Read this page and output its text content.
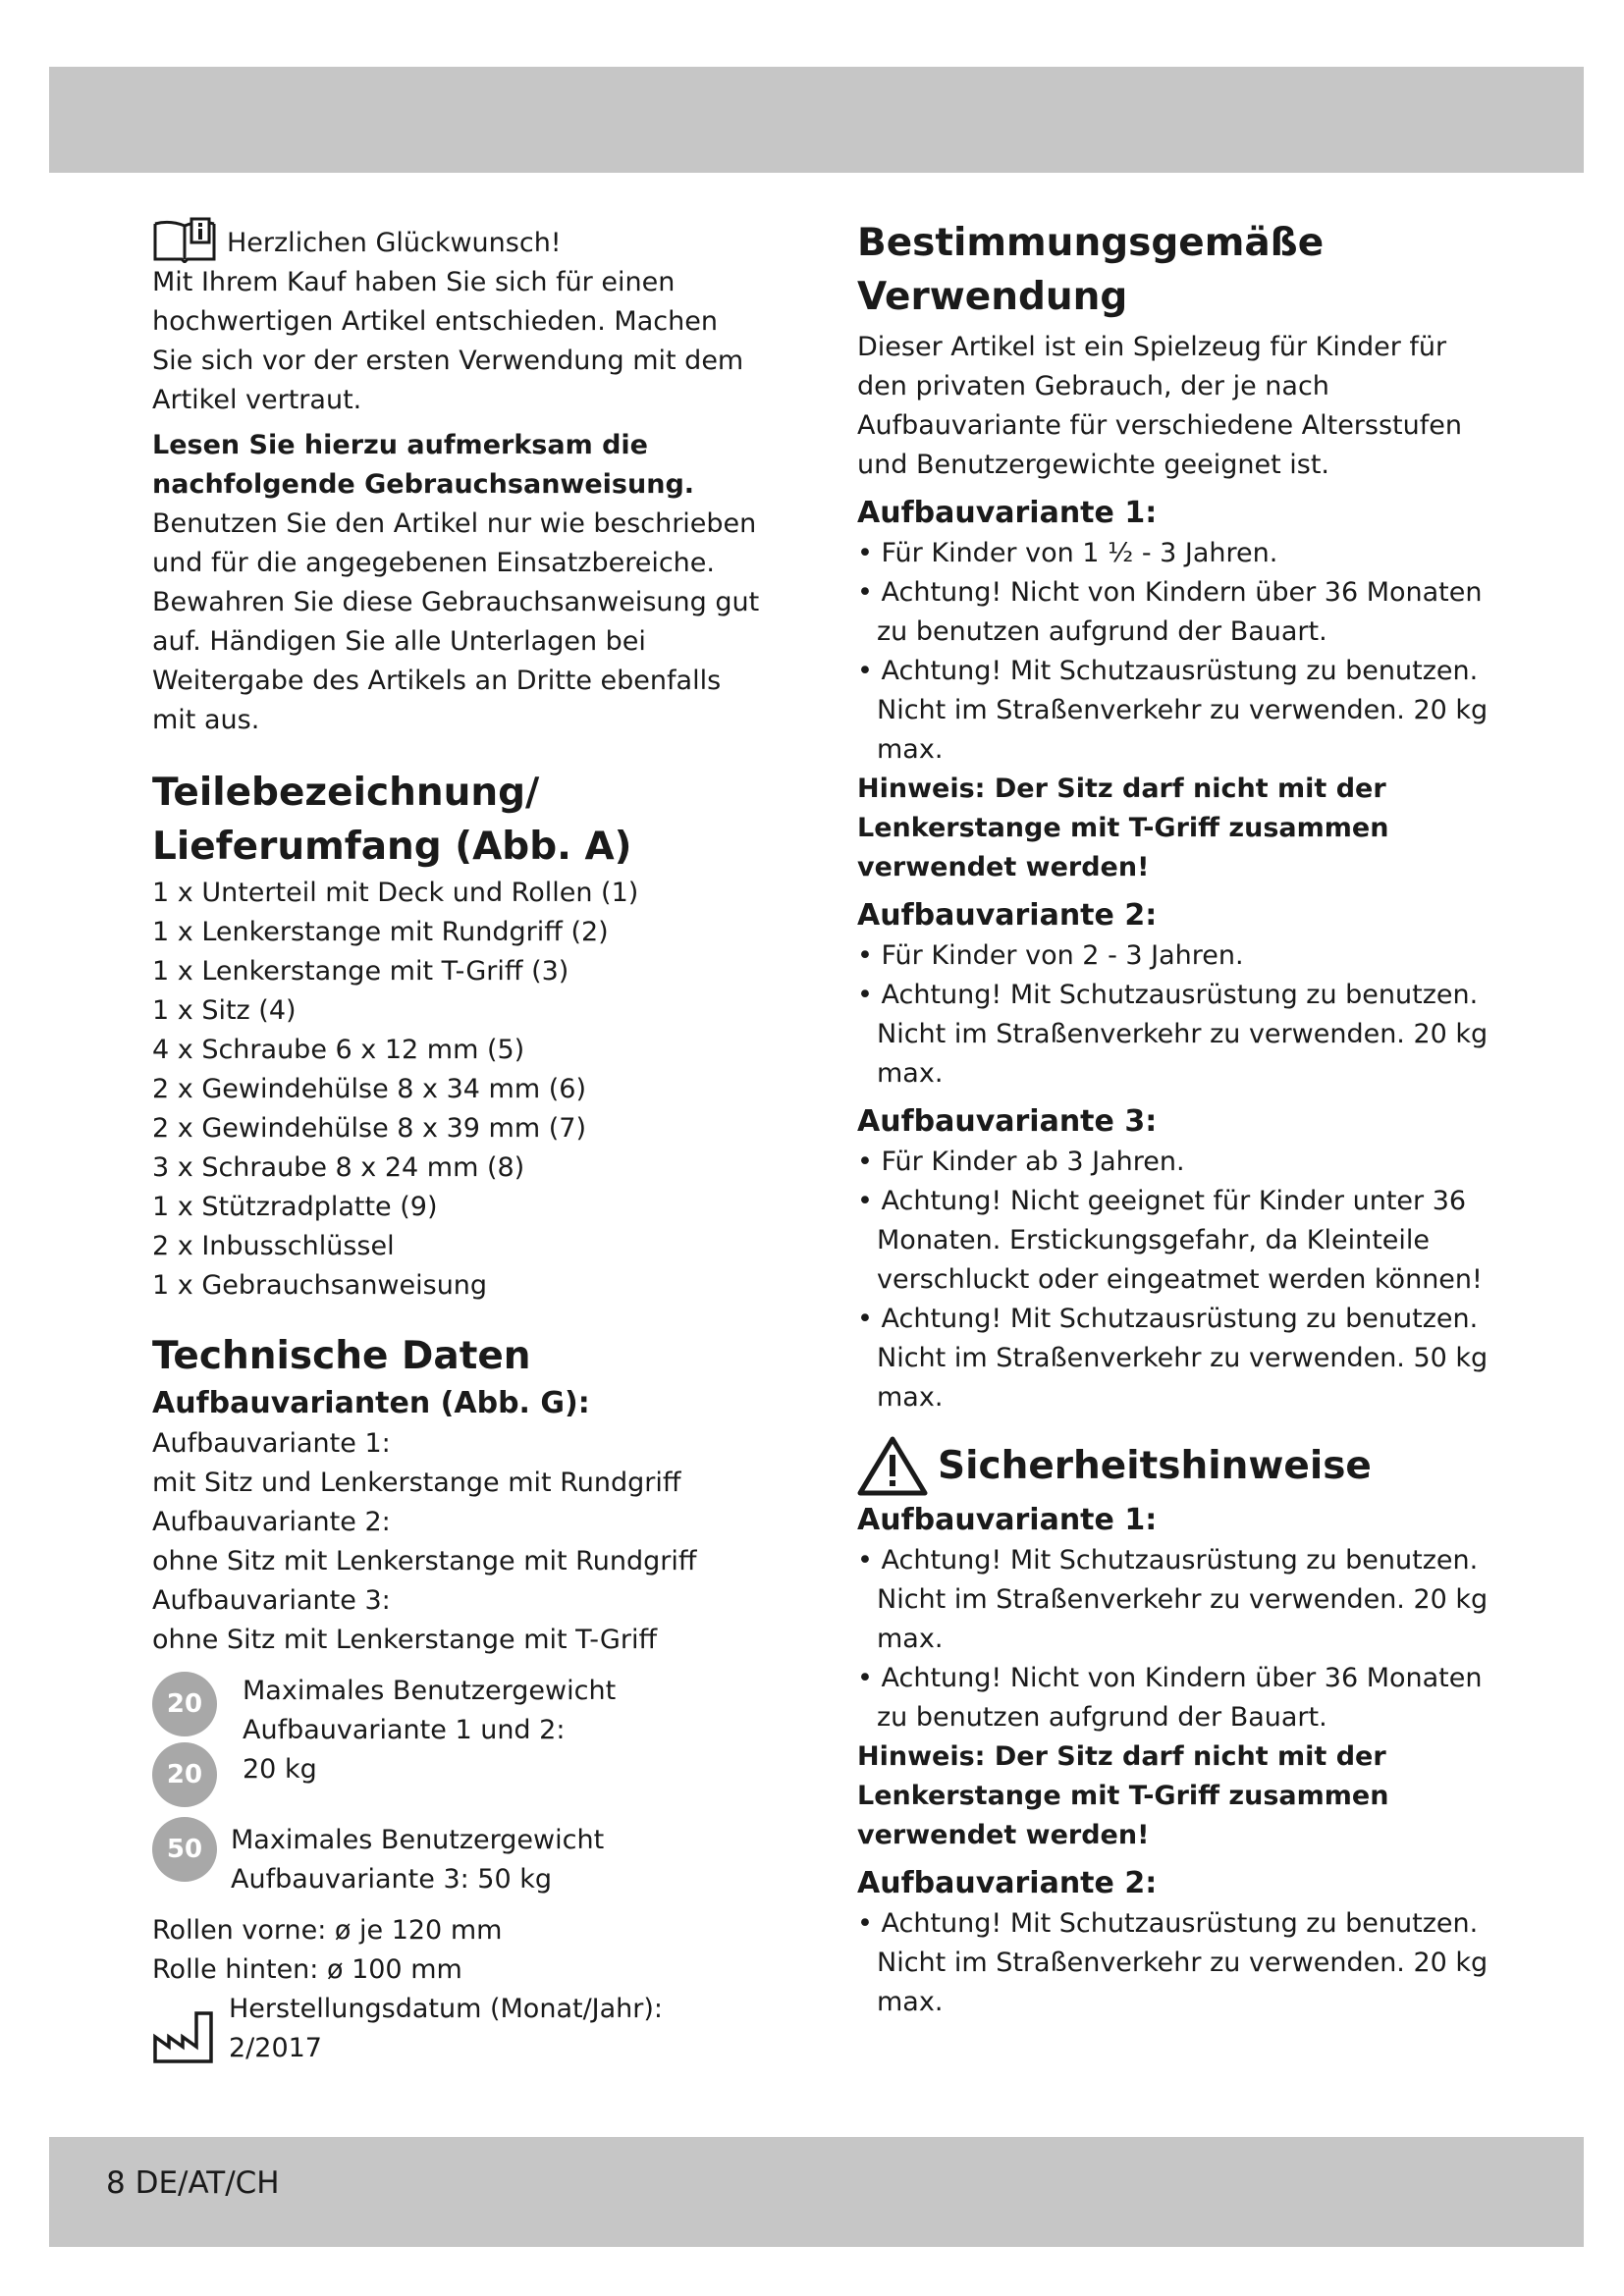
Herzlichen Glückwunsch!

Mit Ihrem Kauf haben Sie sich für einen hochwertigen Artikel entschieden. Machen Sie sich vor der ersten Verwendung mit dem Artikel vertraut.

Lesen Sie hierzu aufmerksam die nachfolgende Gebrauchsanweisung.

Benutzen Sie den Artikel nur wie beschrieben und für die angegebenen Einsatzbereiche. Bewahren Sie diese Gebrauchsanweisung gut auf. Händigen Sie alle Unterlagen bei Weitergabe des Artikels an Dritte ebenfalls mit aus.

Teilebezeichnung/

Lieferumfang (Abb. A)

1 x Unterteil mit Deck und Rollen (1)

1 x Lenkerstange mit Rundgriff (2)

1 x Lenkerstange mit T-Griff (3)

1 x Sitz (4)

4 x Schraube 6 x 12 mm (5)

2 x Gewindehülse 8 x 34 mm (6)

2 x Gewindehülse 8 x 39 mm (7)

3 x Schraube 8 x 24 mm (8)

1 x Stützradplatte (9)

2 x Inbusschlüssel

1 x Gebrauchsanweisung

Technische Daten

Aufbauvarianten (Abb. G):

Aufbauvariante 1:

mit Sitz und Lenkerstange mit Rundgriff

Aufbauvariante 2:

ohne Sitz mit Lenkerstange mit Rundgriff

Aufbauvariante 3:

ohne Sitz mit Lenkerstange mit T-Griff

20
20

Maximales Benutzergewicht

Aufbauvariante 1 und 2:

20 kg

50	Maximales Benutzergewicht Aufbauvariante 3: 50 kg

Rollen vorne: ø je 120 mm

Rolle hinten: ø 100 mm

Herstellungsdatum (Monat/Jahr):

2/2017

Bestimmungsgemäße

Verwendung

Dieser Artikel ist ein Spielzeug für Kinder für den privaten Gebrauch, der je nach Aufbauvariante für verschiedene Altersstufen und Benutzergewichte geeignet ist.

Aufbauvariante 1:

• Für Kinder von 1 ½ - 3 Jahren.

• Achtung! Nicht von Kindern über 36 Monaten zu benutzen aufgrund der Bauart.

• Achtung! Mit Schutzausrüstung zu benutzen. Nicht im Straßenverkehr zu verwenden. 20 kg max.

Hinweis: Der Sitz darf nicht mit der Lenkerstange mit T-Griff zusammen verwendet werden!

Aufbauvariante 2:

• Für Kinder von 2 - 3 Jahren.

• Achtung! Mit Schutzausrüstung zu benutzen. Nicht im Straßenverkehr zu verwenden. 20 kg max.

Aufbauvariante 3:

• Für Kinder ab 3 Jahren.

• Achtung! Nicht geeignet für Kinder unter 36 Monaten. Erstickungsgefahr, da Kleinteile verschluckt oder eingeatmet werden können!

• Achtung! Mit Schutzausrüstung zu benutzen. Nicht im Straßenverkehr zu verwenden. 50 kg max.

Sicherheitshinweise

Aufbauvariante 1:

• Achtung! Mit Schutzausrüstung zu benutzen. Nicht im Straßenverkehr zu verwenden. 20 kg max.

• Achtung! Nicht von Kindern über 36 Monaten zu benutzen aufgrund der Bauart.

Hinweis: Der Sitz darf nicht mit der Lenkerstange mit T-Griff zusammen verwendet werden!

Aufbauvariante 2:

• Achtung! Mit Schutzausrüstung zu benutzen. Nicht im Straßenverkehr zu verwenden. 20 kg max.

8 DE/AT/CH
